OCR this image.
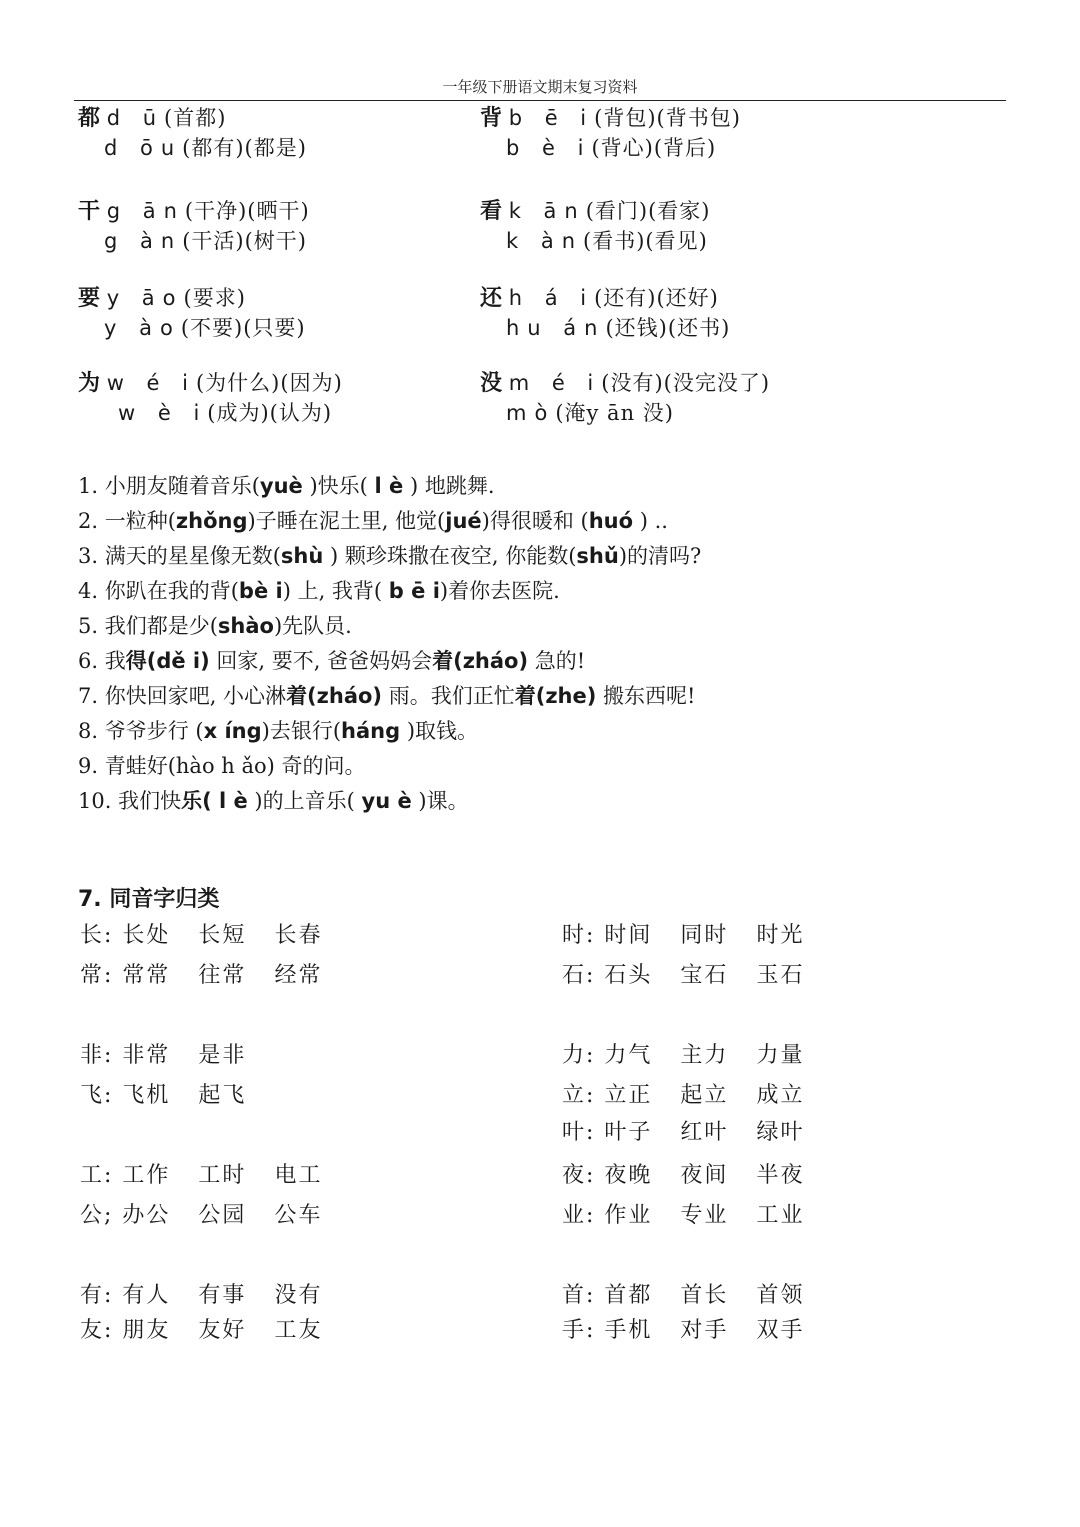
一年级下册语文期末复习资料
都 d ū(首都)
d ōu(都有)(都是)
背 b ē i(背包)(背书包)
b è i(背心)(背后)
干 g ān(干净)(晒干)
g àn(干活)(树干)
看 k ān(看门)(看家)
k àn(看书)(看见)
要 y āo(要求)
y ào(不要)(只要)
还 h á i(还有)(还好)
hu án(还钱)(还书)
为 w é i(为什么)(因为)
w è i(成为)(认为)
没 m é i(没有)(没完没了)
mò(淹y ān 没)
1. 小朋友随着音乐(yuè )快乐( l è ) 地跳舞.
2. 一粒种(zhǒng)子睡在泥土里, 他觉(jué)得很暖和 (huó ) ..
3. 满天的星星像无数(shù ) 颗珍珠撒在夜空, 你能数(shǔ)的清吗?
4. 你趴在我的背(bè i) 上, 我背( b ē i)着你去医院.
5. 我们都是少(shào)先队员.
6. 我得(dě i) 回家, 要不, 爸爸妈妈会着(zháo) 急的!
7. 你快回家吧, 小心淋着(zháo) 雨。我们正忙着(zhe) 搬东西呢!
8. 爷爷步行 (x íng)去银行(háng )取钱。
9. 青蛙好(hào h ǎo) 奇的问。
10. 我们快乐( l è )的上音乐( yu è )课。
7. 同音字归类
长: 长处 长短 长春
常: 常常 往常 经常
非: 非常 是非
飞: 飞机 起飞
工: 工作 工时 电工
公; 办公 公园 公车
有: 有人 有事 没有
友: 朋友 友好 工友
时: 时间 同时 时光
石: 石头 宝石 玉石
力: 力气 主力 力量
立: 立正 起立 成立
叶: 叶子 红叶 绿叶
夜: 夜晚 夜间 半夜
业: 作业 专业 工业
首: 首都 首长 首领
手: 手机 对手 双手
